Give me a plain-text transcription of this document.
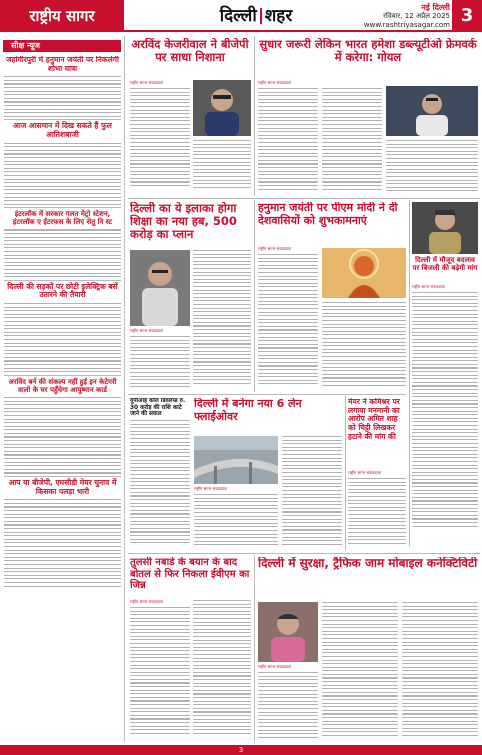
राष्ट्रीय सागर	दिल्ली शहर	नई दिल्ली
रविवार, 12 अप्रैल 2025
www.rashtriyasagar.com 3
सीक्ष न्यूज
जहांगीरपुरी में हनुमान जयंती पर निकलेगी शोभा यात्रा
आज आसमान में दिख सकते हैं फुल आतिशबाजी
इंटरलॉक में सरकार गलत मेट्रो स्टेशन, इंटरलॉक ए ईंटरफ़स के लिए सेतु नि स्ट
दिल्ली की सड़कों पर छोटी इलेक्ट्रिक बसें उतारने की तैयारी
अरविंद बर्न की संकल्प नहीं हुई इन केटेगरी वालो के घर पहुँचेगा आयुष्मान कार्ड
आप या बीजेपी, एमसीडी मेयर चुनाव में किसका पलड़ा भारी
अरविंद केजरीवाल ने बीजेपी पर साधा निशाना
राष्ट्रीय सागर संवाददाता
सुधार जरूरी लेकिन भारत हमेशा डब्ल्यूटीओ फ्रेमवर्क में करेगा: गोयल
राष्ट्रीय सागर संवाददाता
दिल्ली का ये इलाका होगा शिक्षा का नया हब, 500 करोड़ का प्लान
राष्ट्रीय सागर संवाददाता
हनुमान जयंती पर पीएम मोदी ने दी देशवासियों को शुभकामनाएं
राष्ट्रीय सागर संवाददाता
दिल्ली में मौजूद बदलाव पर बिजली की बढ़ेगी मांग
राष्ट्रीय सागर संवाददाता
यूपीआई कॉल डिवलप्ड रु. 30 करोड़ की राशि काटे जाने की सवाल
दिल्ली में बनेगा नया 6 लेन फ्लाईओवर
राष्ट्रीय सागर संवाददाता
मेयर ने कमिश्नर पर लगाया मनमानी का आरोप अमित शाह को चिट्ठी लिखकर हटाने की मांग की
राष्ट्रीय सागर संवाददाता
तुलसी नबार्ड के बयान के बाद बोतल से फिर निकला ईवीएम का जिन्न
राष्ट्रीय सागर संवाददाता
दिल्ली में सुरक्षा, ट्रैफिक जाम मोबाइल कनेक्टिविटी
राष्ट्रीय सागर संवाददाता
3
